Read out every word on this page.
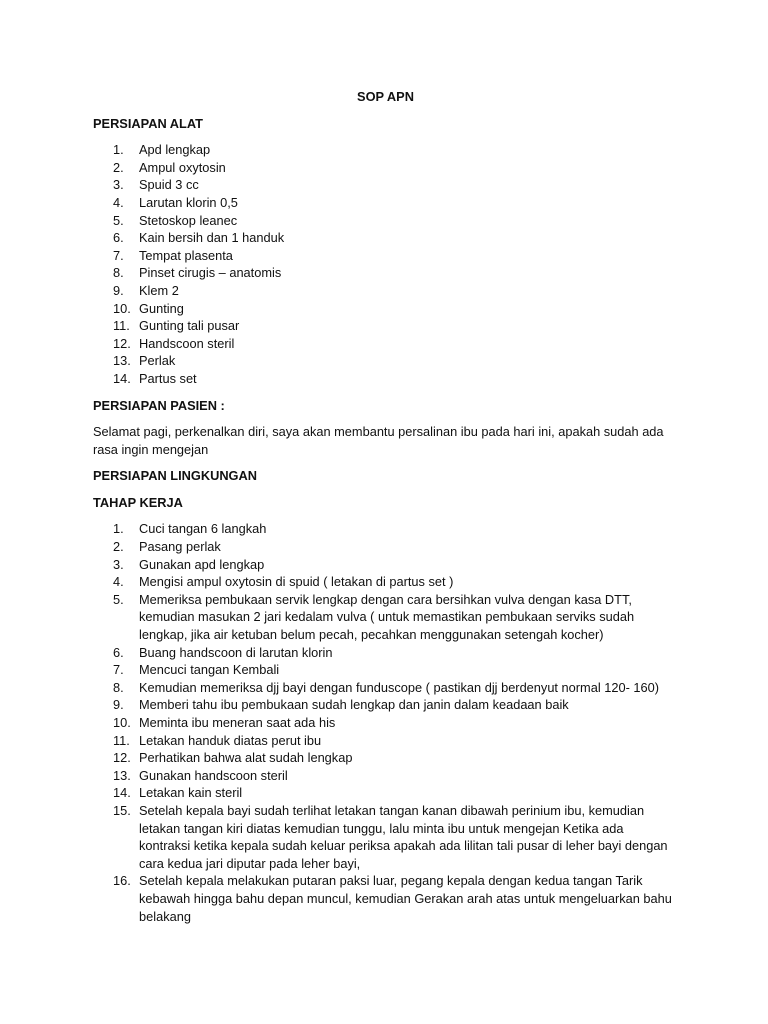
SOP APN
PERSIAPAN ALAT
1.	Apd lengkap
2.	Ampul oxytosin
3.	Spuid 3 cc
4.	Larutan klorin 0,5
5.	Stetoskop leanec
6.	Kain bersih dan 1 handuk
7.	Tempat plasenta
8.	Pinset cirugis – anatomis
9.	Klem 2
10. Gunting
11. Gunting tali pusar
12. Handscoon steril
13. Perlak
14. Partus set
PERSIAPAN PASIEN :

Selamat pagi, perkenalkan diri, saya akan membantu persalinan ibu pada hari ini, apakah sudah ada rasa ingin mengejan

PERSIAPAN LINGKUNGAN
TAHAP KERJA
1.	Cuci tangan 6 langkah
2.	Pasang perlak
3.	Gunakan apd lengkap
4.	Mengisi ampul oxytosin di spuid ( letakan di partus set )
5.	Memeriksa pembukaan servik lengkap dengan cara bersihkan vulva dengan kasa DTT, kemudian masukan 2 jari kedalam vulva ( untuk memastikan pembukaan serviks sudah lengkap, jika air ketuban belum pecah, pecahkan menggunakan setengah kocher)
6.	Buang handscoon di larutan klorin
7.	Mencuci tangan Kembali
8.	Kemudian memeriksa djj bayi dengan funduscope ( pastikan djj berdenyut normal 120- 160)
9.	Memberi tahu ibu pembukaan sudah lengkap dan janin dalam keadaan baik
10. Meminta ibu meneran saat ada his
11. Letakan handuk diatas perut ibu
12. Perhatikan bahwa alat sudah lengkap
13. Gunakan handscoon steril
14. Letakan kain steril
15. Setelah kepala bayi sudah terlihat letakan tangan kanan dibawah perinium ibu, kemudian letakan tangan kiri diatas kemudian tunggu, lalu minta ibu untuk mengejan Ketika ada kontraksi ketika kepala sudah keluar periksa apakah ada lilitan tali pusar di leher bayi dengan cara kedua jari diputar pada leher bayi,
16. Setelah kepala melakukan putaran paksi luar, pegang kepala dengan kedua tangan Tarik kebawah hingga bahu depan muncul, kemudian Gerakan arah atas untuk mengeluarkan bahu belakang
